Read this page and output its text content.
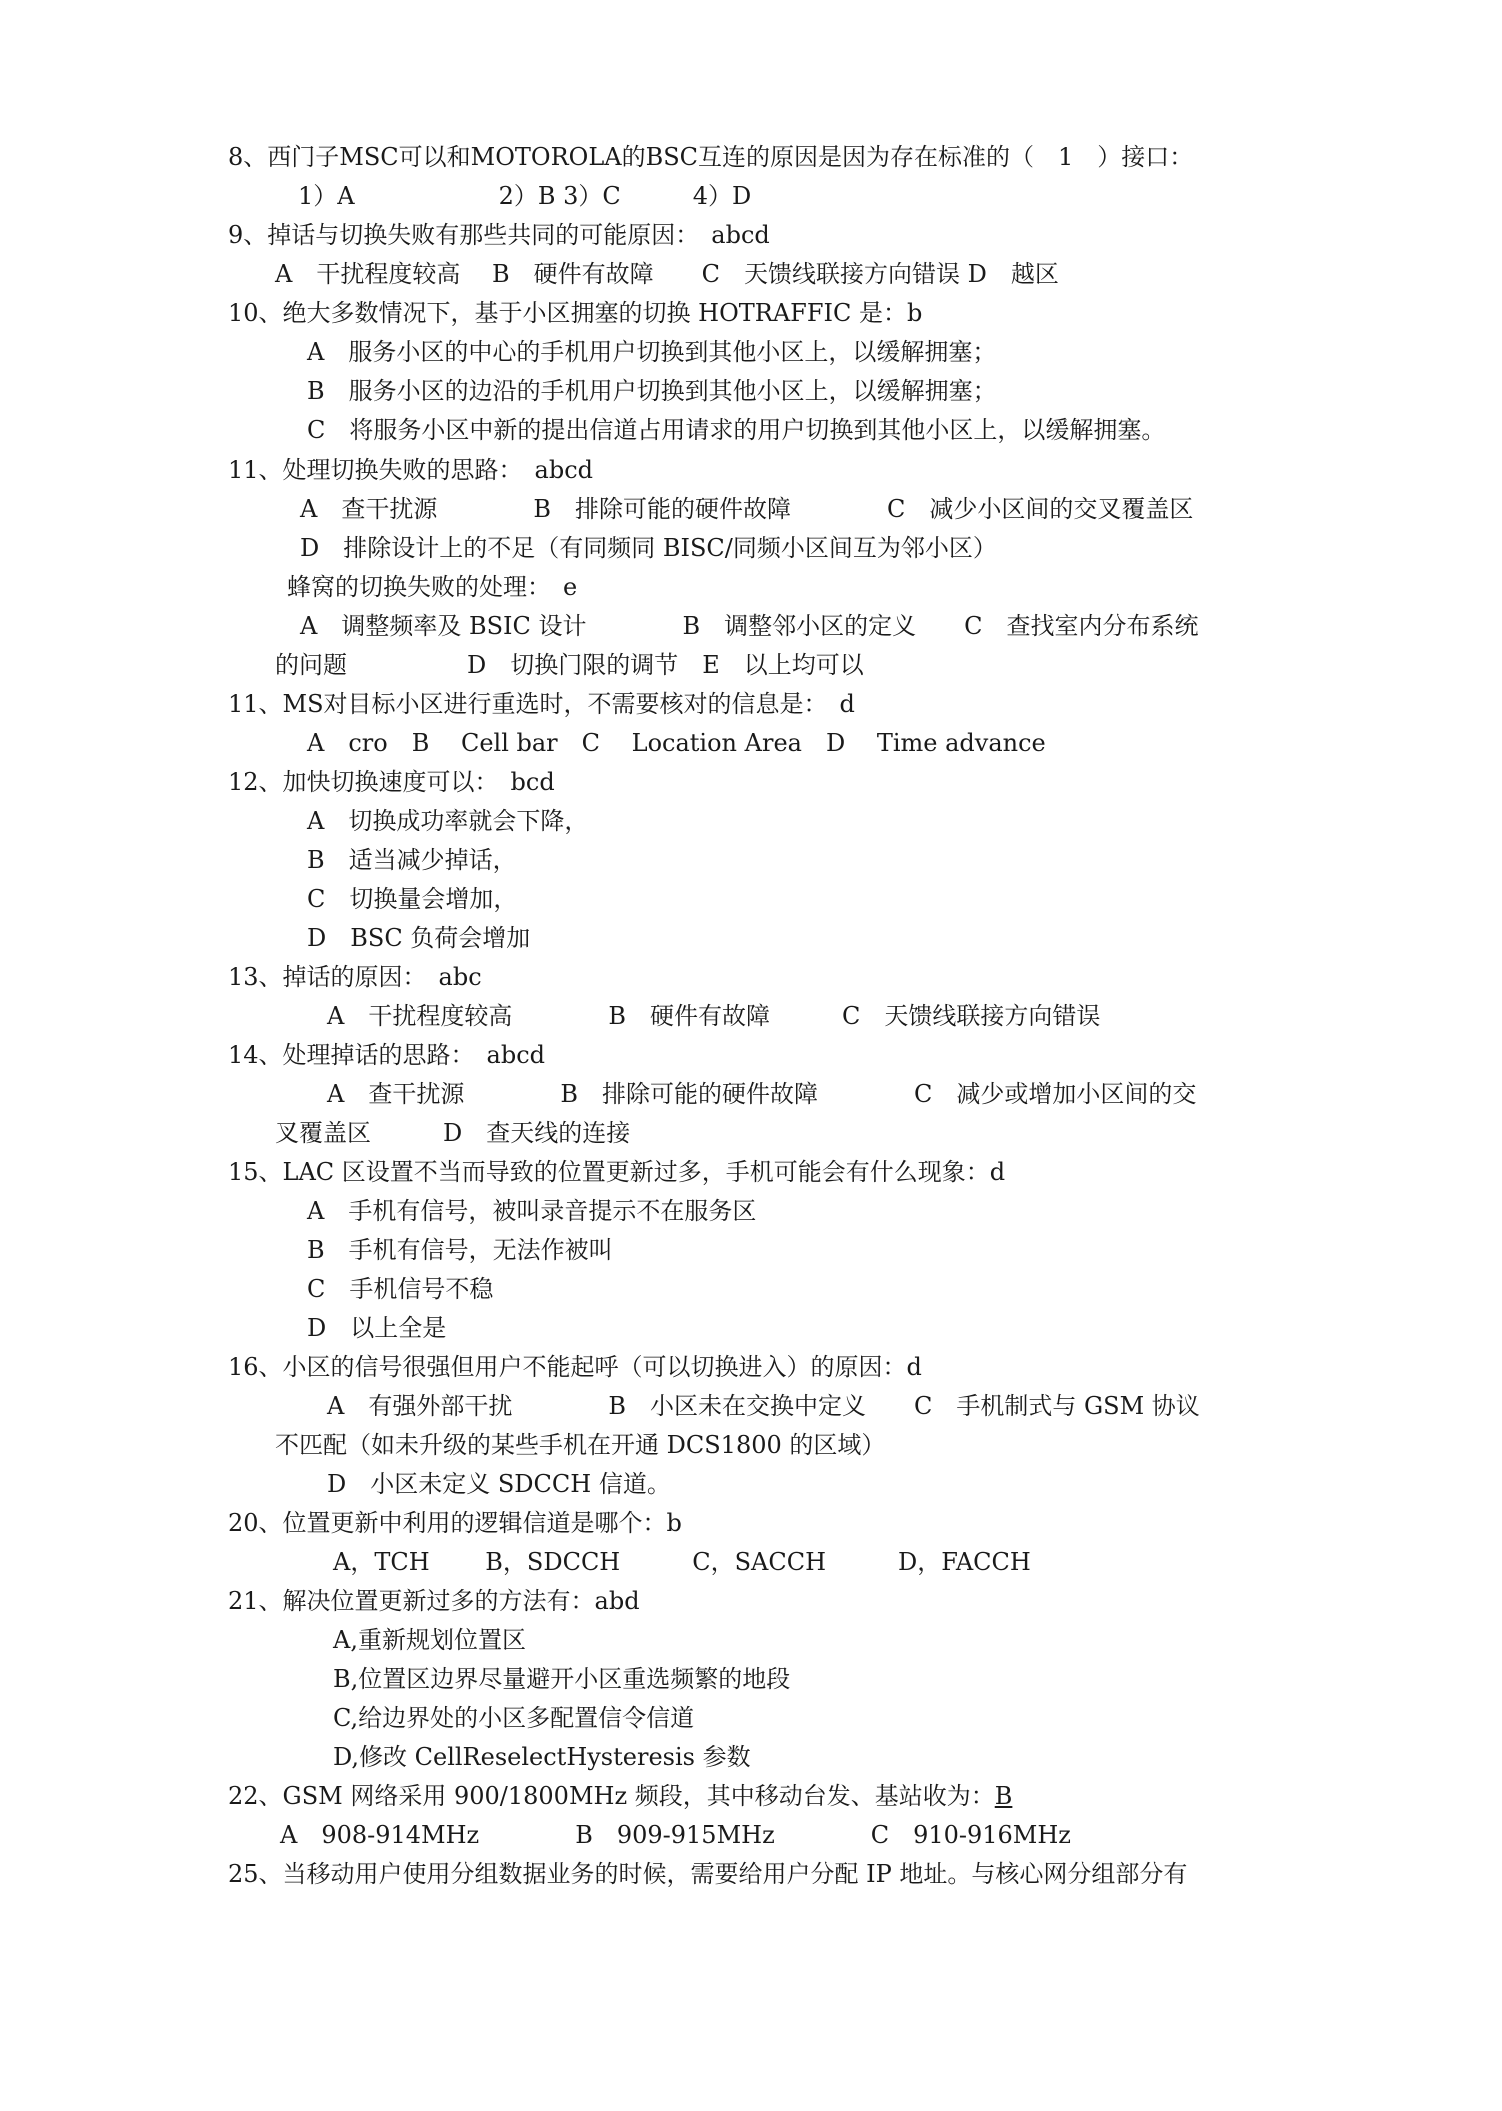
8、西门子MSC可以和MOTOROLA的BSC互连的原因是因为存在标准的（　1　）接口：
1）A　　　　　　2）B 3）C　　　4）D
9、掉话与切换失败有那些共同的可能原因：　abcd
A　干扰程度较高　 B　硬件有故障　　C　天馈线联接方向错误 D　越区
10、绝大多数情况下，基于小区拥塞的切换 HOTRAFFIC 是：b
A　服务小区的中心的手机用户切换到其他小区上，以缓解拥塞；
B　服务小区的边沿的手机用户切换到其他小区上，以缓解拥塞；
C　将服务小区中新的提出信道占用请求的用户切换到其他小区上，以缓解拥塞。
11、处理切换失败的思路：　abcd
A　查干扰源　　　　B　排除可能的硬件故障　　　　C　减少小区间的交叉覆盖区
D　排除设计上的不足（有同频同 BISC/同频小区间互为邻小区）
蜂窝的切换失败的处理：　e
A　调整频率及 BSIC 设计　　　　B　调整邻小区的定义　　C　查找室内分布系统
的问题　　　　　D　切换门限的调节　E　以上均可以
11、MS对目标小区进行重选时，不需要核对的信息是：　d
A　cro　B　 Cell bar　C　 Location Area　D　 Time advance
12、加快切换速度可以：　bcd
A　切换成功率就会下降，
B　适当减少掉话，
C　切换量会增加，
D　BSC 负荷会增加
13、掉话的原因：　abc
A　干扰程度较高　　　　B　硬件有故障　　　C　天馈线联接方向错误
14、处理掉话的思路：　abcd
A　查干扰源　　　　B　排除可能的硬件故障　　　　C　减少或增加小区间的交
叉覆盖区　　　D　查天线的连接
15、LAC 区设置不当而导致的位置更新过多，手机可能会有什么现象：d
A　手机有信号，被叫录音提示不在服务区
B　手机有信号，无法作被叫
C　手机信号不稳
D　以上全是
16、小区的信号很强但用户不能起呼（可以切换进入）的原因：d
A　有强外部干扰　　　　B　小区未在交换中定义　　C　手机制式与 GSM 协议
不匹配（如未升级的某些手机在开通 DCS1800 的区域）
D　小区未定义 SDCCH 信道。
20、位置更新中利用的逻辑信道是哪个：b
A，TCH　　 B，SDCCH　　　C，SACCH　　　D，FACCH
21、解决位置更新过多的方法有：abd
A,重新规划位置区
B,位置区边界尽量避开小区重选频繁的地段
C,给边界处的小区多配置信令信道
D,修改 CellReselectHysteresis 参数
22、GSM 网络采用 900/1800MHz 频段，其中移动台发、基站收为：B
A　908-914MHz　　　　B　909-915MHz　　　　C　910-916MHz
25、当移动用户使用分组数据业务的时候，需要给用户分配 IP 地址。与核心网分组部分有
